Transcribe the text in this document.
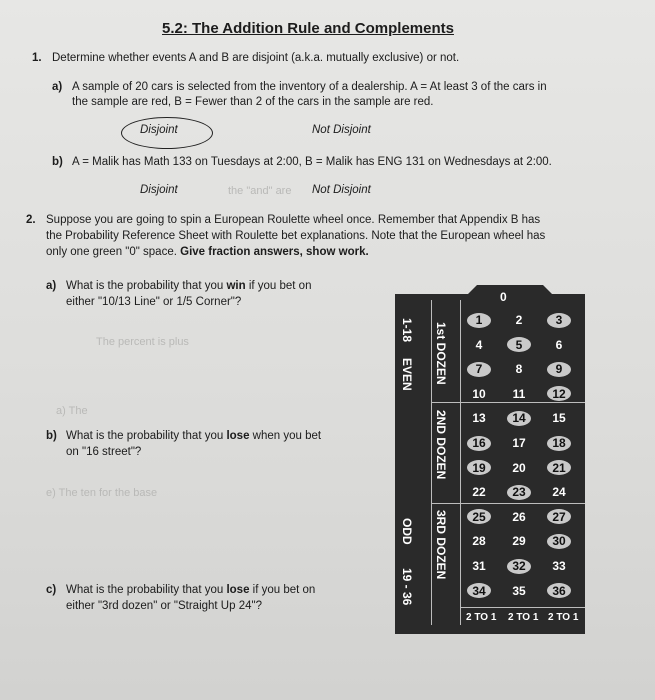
5.2: The Addition Rule and Complements
1. Determine whether events A and B are disjoint (a.k.a. mutually exclusive) or not.
a) A sample of 20 cars is selected from the inventory of a dealership. A = At least 3 of the cars in
the sample are red, B = Fewer than 2 of the cars in the sample are red.
Disjoint	Not Disjoint
b) A = Malik has Math 133 on Tuesdays at 2:00, B = Malik has ENG 131 on Wednesdays at 2:00.
Disjoint	the "and" are Not Disjoint
2. Suppose you are going to spin a European Roulette wheel once. Remember that Appendix B has
the Probability Reference Sheet with Roulette bet explanations. Note that the European wheel has
only one green "0" space. Give fraction answers, show work.
a) What is the probability that you win if you bet on
either "10/13 Line" or 1/5 Corner"?
The percent is plus
b) What is the probability that you lose when you bet
on "16 street"?
a) The
e) The ten for the base
c) What is the probability that you lose if you bet on
either "3rd dozen" or "Straight Up 24"?
0
1	2	3
4	5	6
7	8	9
10	11	12
13	14	15
16	17	18
19	20	21
22	23	24
25	26	27
28	29	30
31	32	33
34	35	36
1-18
EVEN
ODD
19 - 36
1st DOZEN
2ND DOZEN
3RD DOZEN
2 TO 1 2 TO 1 2 TO 1
